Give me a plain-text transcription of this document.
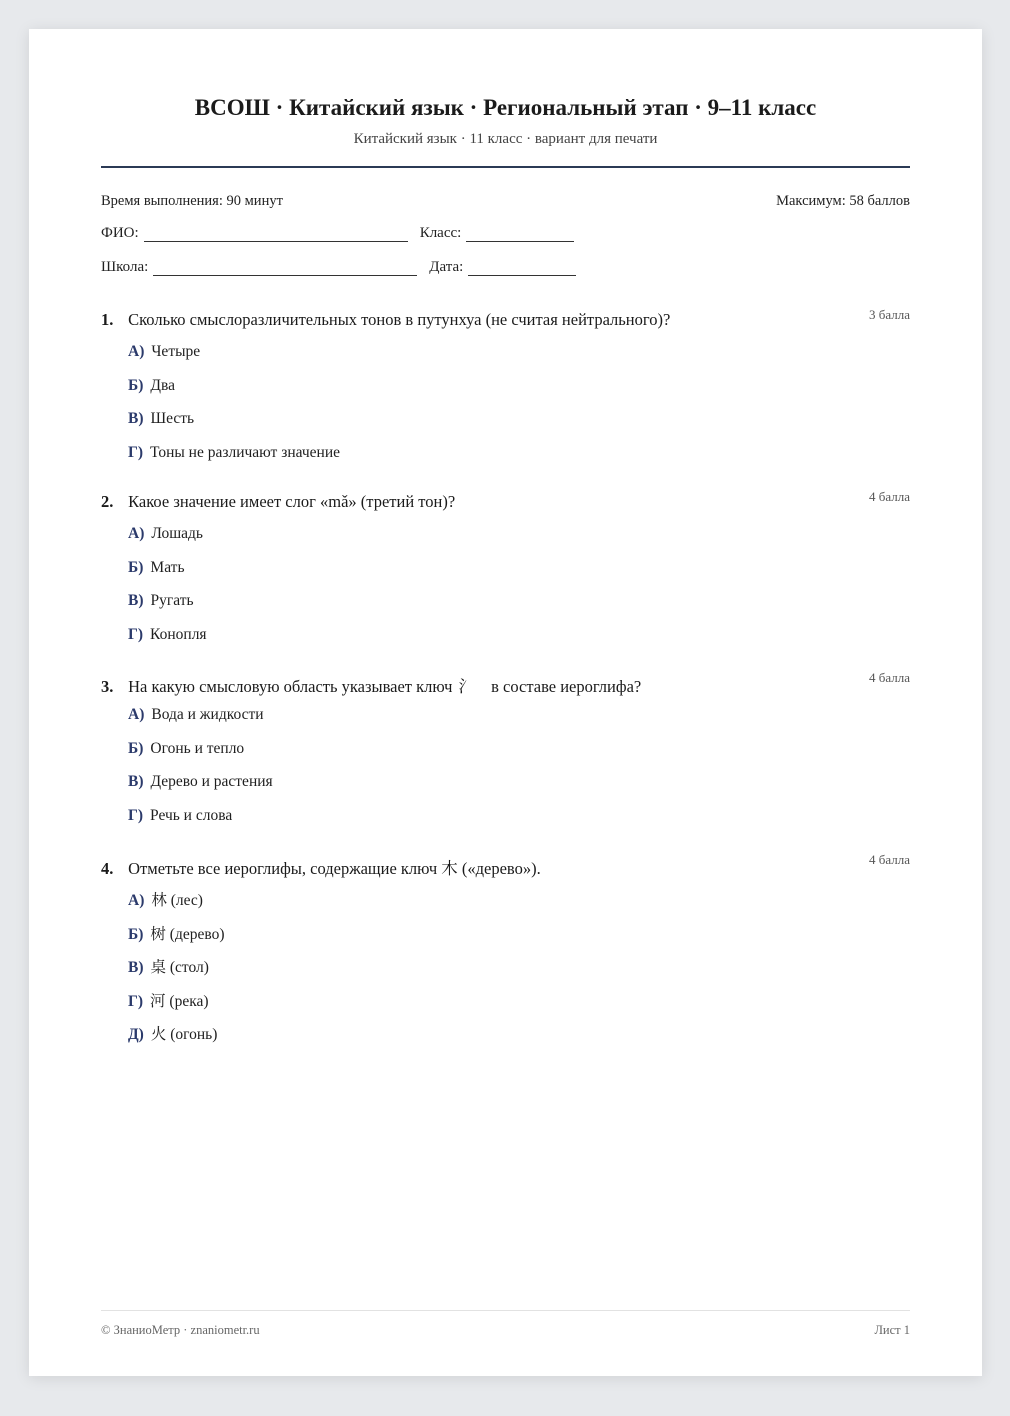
ВСОШ · Китайский язык · Региональный этап · 9–11 класс
Китайский язык · 11 класс · вариант для печати
Время выполнения: 90 минут	Максимум: 58 баллов
ФИО:	Класс:
Школа:	Дата:
1. Сколько смыслоразличительных тонов в путунхуа (не считая нейтрального)?	3 балла
А) Четыре
Б) Два
В) Шесть
Г) Тоны не различают значение
2. Какое значение имеет слог «mǎ» (третий тон)?	4 балла
А) Лошадь
Б) Мать
В) Ругать
Г) Конопля
3. На какую смысловую область указывает ключ 氵 в составе иероглифа?	4 балла
А) Вода и жидкости
Б) Огонь и тепло
В) Дерево и растения
Г) Речь и слова
4. Отметьте все иероглифы, содержащие ключ 木 («дерево»).	4 балла
А) 林 (лес)
Б) 树 (дерево)
В) 桌 (стол)
Г) 河 (река)
Д) 火 (огонь)
© ЗнаниоМетр · znaniometr.ru	Лист 1
